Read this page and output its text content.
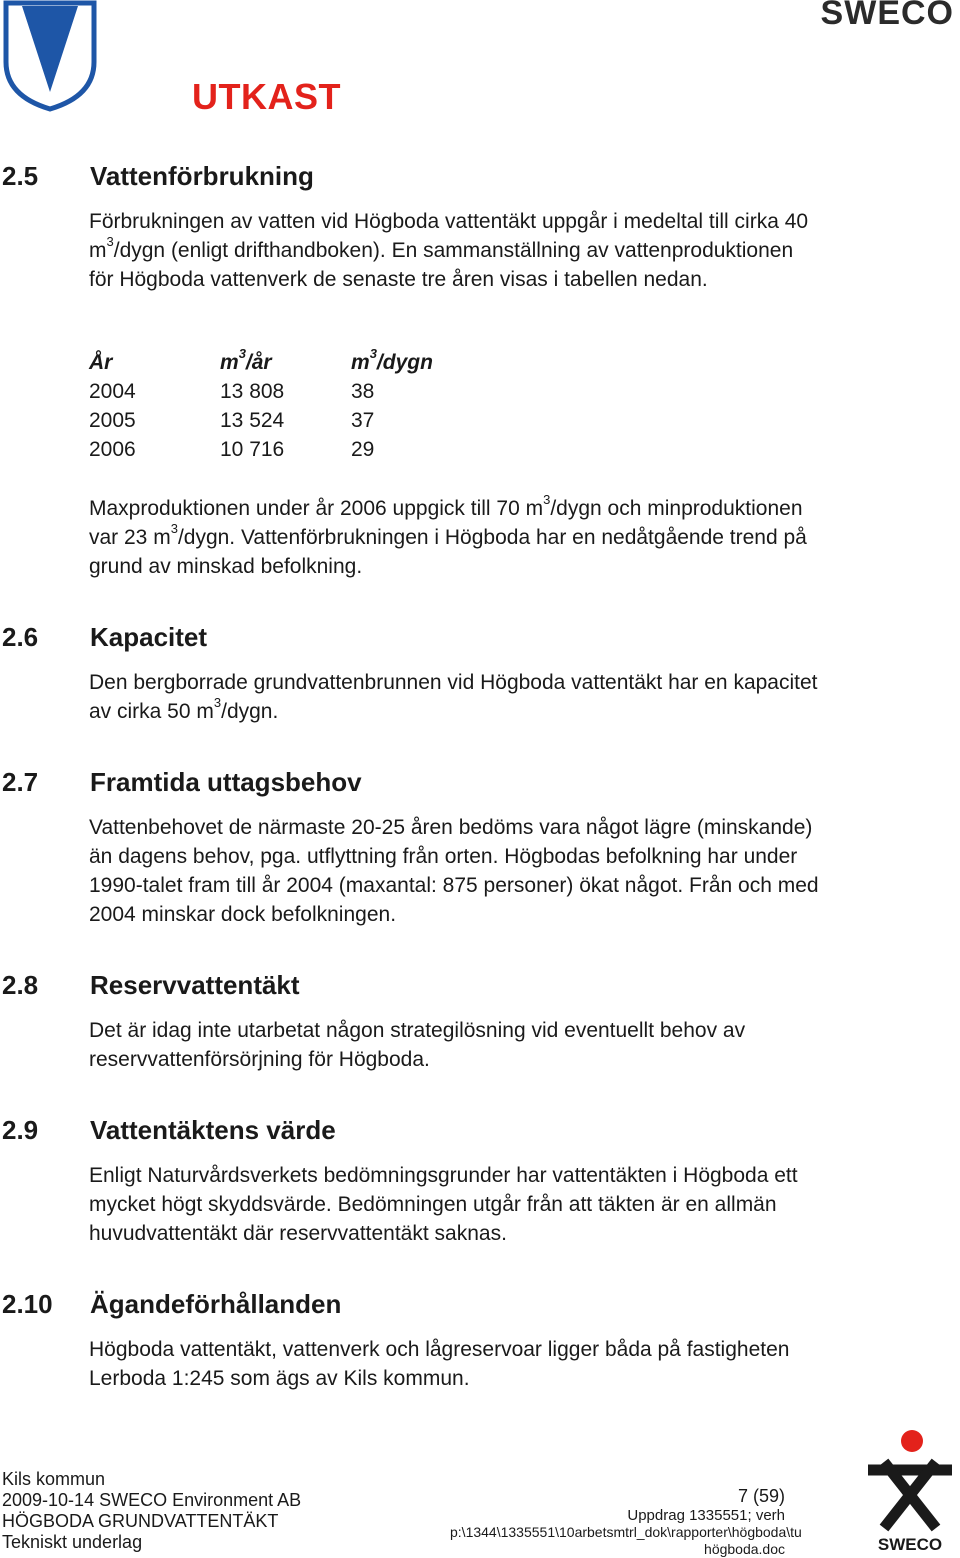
UTKAST
SWECO
2.5 Vattenförbrukning

Förbrukningen av vatten vid Högboda vattentäkt uppgår i medeltal till cirka 40 $m^3$/dygn (enligt drifthandboken). En sammanställning av vattenproduktionen för Högboda vattenverk de senaste tre åren visas i tabellen nedan.

År	$m^3/år$	$m^3$/dygn
2004	13 808	38
2005	13 524	37
2006	10 716	29

Maxproduktionen under år 2006 uppgick till 70 $m^3$/dygn och minproduktionen var 23 $m^3$/dygn. Vattenförbrukningen i Högboda har en nedåtgående trend på grund av minskad befolkning.

2.6 Kapacitet

Den bergborrade grundvattenbrunnen vid Högboda vattentäkt har en kapacitet av cirka 50 $m^3$/dygn.

2.7 Framtida uttagsbehov

Vattenbehovet de närmaste 20-25 åren bedöms vara något lägre (minskande) än dagens behov, pga. utflyttning från orten. Högbodas befolkning har under 1990-talet fram till år 2004 (maxantal: 875 personer) ökat något. Från och med 2004 minskar dock befolkningen.

2.8 Reservvattentäkt

Det är idag inte utarbetat någon strategilösning vid eventuellt behov av reservvattenförsörjning för Högboda.

2.9 Vattentäktens värde

Enligt Naturvårdsverkets bedömningsgrunder har vattentäkten i Högboda ett mycket högt skyddsvärde. Bedömningen utgår från att täkten är en allmän huvudvattentäkt där reservvattentäkt saknas.

2.10 Ägandeförhållanden

Högboda vattentäkt, vattenverk och lågreservoar ligger båda på fastigheten Lerboda 1:245 som ägs av Kils kommun.

Kils kommun
2009-10-14 SWECO Environment AB
HÖGBODA GRUNDVATTENTÄKT
Tekniskt underlag
7 (59)
Uppdrag 1335551; verh
p:\1344\1335551\10arbetsmtrl_dok\rapporter\högboda\tu
högboda.doc	SWECO
